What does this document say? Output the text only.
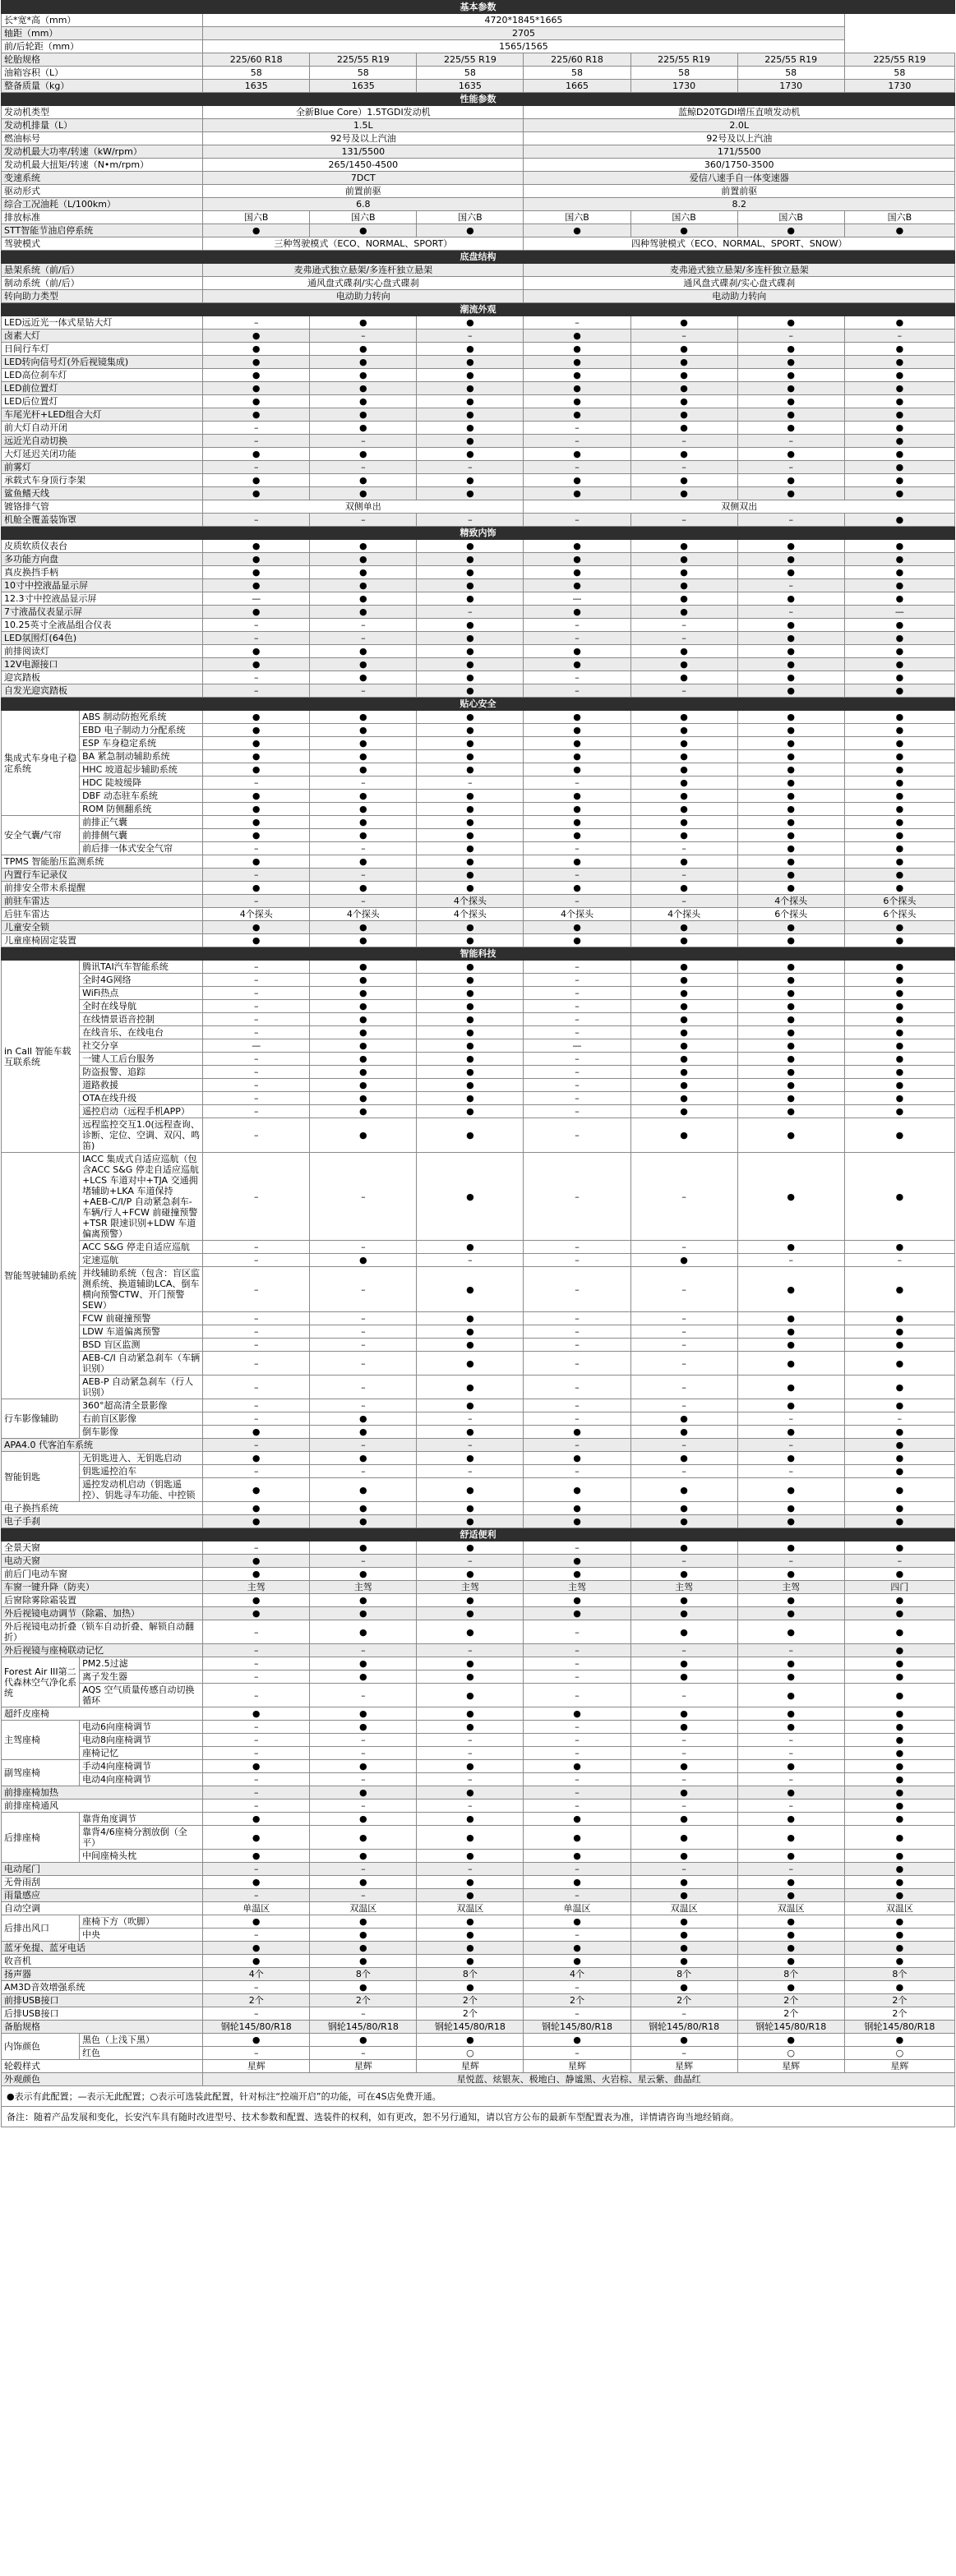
基本参数								
长*宽*高（mm）		4720*1845*1665						
轴距（mm）		2705						
前/后轮距（mm）		1565/1565						
轮胎规格		225/60 R18	225/55 R19	225/55 R19	225/60 R18	225/55 R19	225/55 R19	225/55 R19
油箱容积（L）		58	58	58	58	58	58	58
整备质量（kg）		1635	1635	1635	1665	1730	1730	1730
性能参数								
发动机类型		全新Blue Core）1.5TGDI发动机			蓝鲸D20TGDI增压直喷发动机			
发动机排量（L）		1.5L			2.0L			
燃油标号		92号及以上汽油			92号及以上汽油			
发动机最大功率/转速（kW/rpm）		131/5500			171/5500			
发动机最大扭矩/转速（N•m/rpm）		265/1450-4500			360/1750-3500			
变速系统		7DCT			爱信八速手自一体变速器			
驱动形式		前置前驱			前置前驱			
综合工况油耗（L/100km）		6.8			8.2			
排放标准		国六B	国六B	国六B	国六B	国六B	国六B	国六B
STT智能节油启停系统		●	●	●	●	●	●	●
驾驶模式		三种驾驶模式（ECO、NORMAL、SPORT）			四种驾驶模式（ECO、NORMAL、SPORT、SNOW）			
底盘结构								
悬架系统（前/后）		麦弗逊式独立悬架/多连杆独立悬架			麦弗逊式独立悬架/多连杆独立悬架			
制动系统（前/后）		通风盘式碟刹/实心盘式碟刹			通风盘式碟刹/实心盘式碟刹			
转向助力类型		电动助力转向			电动助力转向			
潮流外观								
LED远近光一体式星钻大灯		–	●	●	–	●	●	●
卤素大灯		●	–	–	●	–	–	–
日间行车灯		●	●	●	●	●	●	●
LED转向信号灯(外后视镜集成)		●	●	●	●	●	●	●
LED高位刹车灯		●	●	●	●	●	●	●
LED前位置灯		●	●	●	●	●	●	●
LED后位置灯		●	●	●	●	●	●	●
车尾光杆+LED组合大灯		●	●	●	●	●	●	●
前大灯自动开闭		–	●	●	–	●	●	●
远近光自动切换		–	–	●	–	–	–	●
大灯延迟关闭功能		●	●	●	●	●	●	●
前雾灯		–	–	–	–	–	–	●
承载式车身顶行李架		●	●	●	●	●	●	●
鲨鱼鳍天线		●	●	●	●	●	●	●
镀铬排气管		双侧单出			双侧双出			
机舱全覆盖装饰罩		–	–	–	–	–	–	●
精致内饰								
皮质软质仪表台		●	●	●	●	●	●	●
多功能方向盘		●	●	●	●	●	●	●
真皮换挡手柄		●	●	●	●	●	●	●
10寸中控液晶显示屏		●	●	●	●	●	–	●
12.3寸中控液晶显示屏		—	●	●	—	●	●	●
7寸液晶仪表显示屏		●	●	–	●	●	–	—
10.25英寸全液晶组合仪表		–	–	●	–	–	●	●
LED氛围灯(64色)		–	–	●	–	–	●	●
前排阅读灯		●	●	●	●	●	●	●
12V电源接口		●	●	●	●	●	●	●
迎宾踏板		–	●	●	–	●	●	●
自发光迎宾踏板		–	–	●	–	–	●	●
贴心安全								
集成式车身电子稳定系统	ABS 制动防抱死系统	●	●	●	●	●	●	●
	EBD 电子制动力分配系统	●	●	●	●	●	●	●
	ESP 车身稳定系统	●	●	●	●	●	●	●
	BA 紧急制动辅助系统	●	●	●	●	●	●	●
	HHC 坡道起步辅助系统	●	●	●	●	●	●	●
	HDC 陡坡缓降	–	–	–	–	●	●	●
	DBF 动态驻车系统	●	●	●	●	●	●	●
	ROM 防侧翻系统	●	●	●	●	●	●	●
安全气囊/气帘	前排正气囊	●	●	●	●	●	●	●
	前排侧气囊	●	●	●	●	●	●	●
	前后排一体式安全气帘	–	–	●	–	–	●	●
TPMS 智能胎压监测系统		●	●	●	●	●	●	●
内置行车记录仪		–	–	●	–	–	●	●
前排安全带未系提醒		●	●	●	●	●	●	●
前驻车雷达		–	–	4个探头	–	–	4个探头	6个探头
后驻车雷达		4个探头	4个探头	4个探头	4个探头	4个探头	6个探头	6个探头
儿童安全锁		●	●	●	●	●	●	●
儿童座椅固定装置		●	●	●	●	●	●	●
智能科技								
in Call 智能车载互联系统	腾讯TAI汽车智能系统	–	●	●	–	●	●	●
	全时4G网络	–	●	●	–	●	●	●
	WiFi热点	–	●	●	–	●	●	●
	全时在线导航	–	●	●	–	●	●	●
	在线情景语音控制	–	●	●	–	●	●	●
	在线音乐、在线电台	–	●	●	–	●	●	●
	社交分享	—	●	●	—	●	●	●
	一键人工后台服务	–	●	●	–	●	●	●
	防盗报警、追踪	–	●	●	–	●	●	●
	道路救援	–	●	●	–	●	●	●
	OTA在线升级	–	●	●	–	●	●	●
	遥控启动（远程手机APP）	–	●	●	–	●	●	●
	远程监控交互1.0(远程查询、诊断、定位、空调、双闪、鸣笛)	–	●	●	–	●	●	●
智能驾驶辅助系统	IACC 集成式自适应巡航（包含ACC S&G 停走自适应巡航+LCS 车道对中+TJA 交通拥堵辅助+LKA 车道保持+AEB-C/I/P 自动紧急刹车-车辆/行人+FCW 前碰撞预警+TSR 限速识别+LDW 车道偏离预警）	–	–	●	–	–	●	●
	ACC S&G 停走自适应巡航	–	–	●	–	–	●	●
	定速巡航	–	●	–	–	●	–	–
	并线辅助系统（包含：盲区监测系统、换道辅助LCA、倒车横向预警CTW、开门预警SEW）	–	–	●	–	–	●	●
	FCW 前碰撞预警	–	–	●	–	–	●	●
	LDW 车道偏离预警	–	–	●	–	–	●	●
	BSD 盲区监测	–	–	●	–	–	●	●
	AEB-C/I 自动紧急刹车（车辆识别）	–	–	●	–	–	●	●
	AEB-P 自动紧急刹车（行人识别）	–	–	●	–	–	●	●
行车影像辅助	360°超高清全景影像	–	–	●	–	–	●	●
	右前盲区影像	–	●	–	–	●	–	–
	倒车影像	●	●	●	●	●	●	●
APA4.0 代客泊车系统		–	–	–	–	–	–	●
智能钥匙	无钥匙进入、无钥匙启动	●	●	●	●	●	●	●
	钥匙遥控泊车	–	–	–	–	–	–	●
	遥控发动机启动（钥匙遥控）、钥匙寻车功能、中控锁	●	●	●	●	●	●	●
电子换挡系统		●	●	●	●	●	●	●
电子手刹		●	●	●	●	●	●	●
舒适便利								
全景天窗		–	●	●	–	●	●	●
电动天窗		●	–	–	●	–	–	–
前后门电动车窗		●	●	●	●	●	●	●
车窗一键升降（防夹）		主驾	主驾	主驾	主驾	主驾	主驾	四门
后窗除雾除霜装置		●	●	●	●	●	●	●
外后视镜电动调节（除霜、加热）		●	●	●	●	●	●	●
外后视镜电动折叠（锁车自动折叠、解锁自动翻折）		–	●	●	–	●	●	●
外后视镜与座椅联动记忆		–	–	–	–	–	–	●
Forest Air III第二代森林空气净化系统	PM2.5过滤	–	●	●	–	●	●	●
	离子发生器	–	●	●	–	●	●	●
	AQS 空气质量传感自动切换循环	–	–	●	–	–	●	●
超纤皮座椅		●	●	●	●	●	●	●
主驾座椅	电动6向座椅调节	–	●	●	–	●	●	●
	电动8向座椅调节	–	–	–	–	–	–	●
	座椅记忆	–	–	–	–	–	–	●
副驾座椅	手动4向座椅调节	●	●	●	●	●	●	●
	电动4向座椅调节	–	–	–	–	–	–	●
前排座椅加热		–	●	●	–	●	●	●
前排座椅通风		–	–	–	–	–	–	●
后排座椅	靠背角度调节	●	●	●	●	●	●	●
	靠背4/6座椅分割放倒（全平）	●	●	●	●	●	●	●
	中间座椅头枕	●	●	●	●	●	●	●
电动尾门		–	–	–	–	–	–	●
无骨雨刮		●	●	●	●	●	●	●
雨量感应		–	–	●	–	●	●	●
自动空调		单温区	双温区	双温区	单温区	双温区	双温区	双温区
后排出风口	座椅下方（吹脚）	●	●	●	●	●	●	●
	中央	–	●	●	–	●	●	●
蓝牙免提、蓝牙电话		●	●	●	●	●	●	●
收音机		●	●	●	●	●	●	●
扬声器		4个	8个	8个	4个	8个	8个	8个
AM3D音效增强系统		–	●	●	–	●	●	●
前排USB接口		2个	2个	2个	2个	2个	2个	2个
后排USB接口		–	–	2个	–	–	2个	2个
备胎规格		钢轮145/80/R18	钢轮145/80/R18	钢轮145/80/R18	钢轮145/80/R18	钢轮145/80/R18	钢轮145/80/R18	钢轮145/80/R18
内饰颜色	黑色（上浅下黑）	●	●	●	●	●	●	●
	红色	–	–	○	–	–	○	○
轮毂样式		星辉	星辉	星辉	星辉	星辉	星辉	星辉
外观颜色		星悦蓝、炫银灰、极地白、静谧黑、火岩棕、星云紫、曲晶红						
●表示有此配置；—表示无此配置；○表示可选装此配置，针对标注“控端开启”的功能，可在4S店免费开通。
备注：随着产品发展和变化，长安汽车具有随时改进型号、技术参数和配置、选装件的权利，如有更改，恕不另行通知，请以官方公布的最新车型配置表为准，详情请咨询当地经销商。
